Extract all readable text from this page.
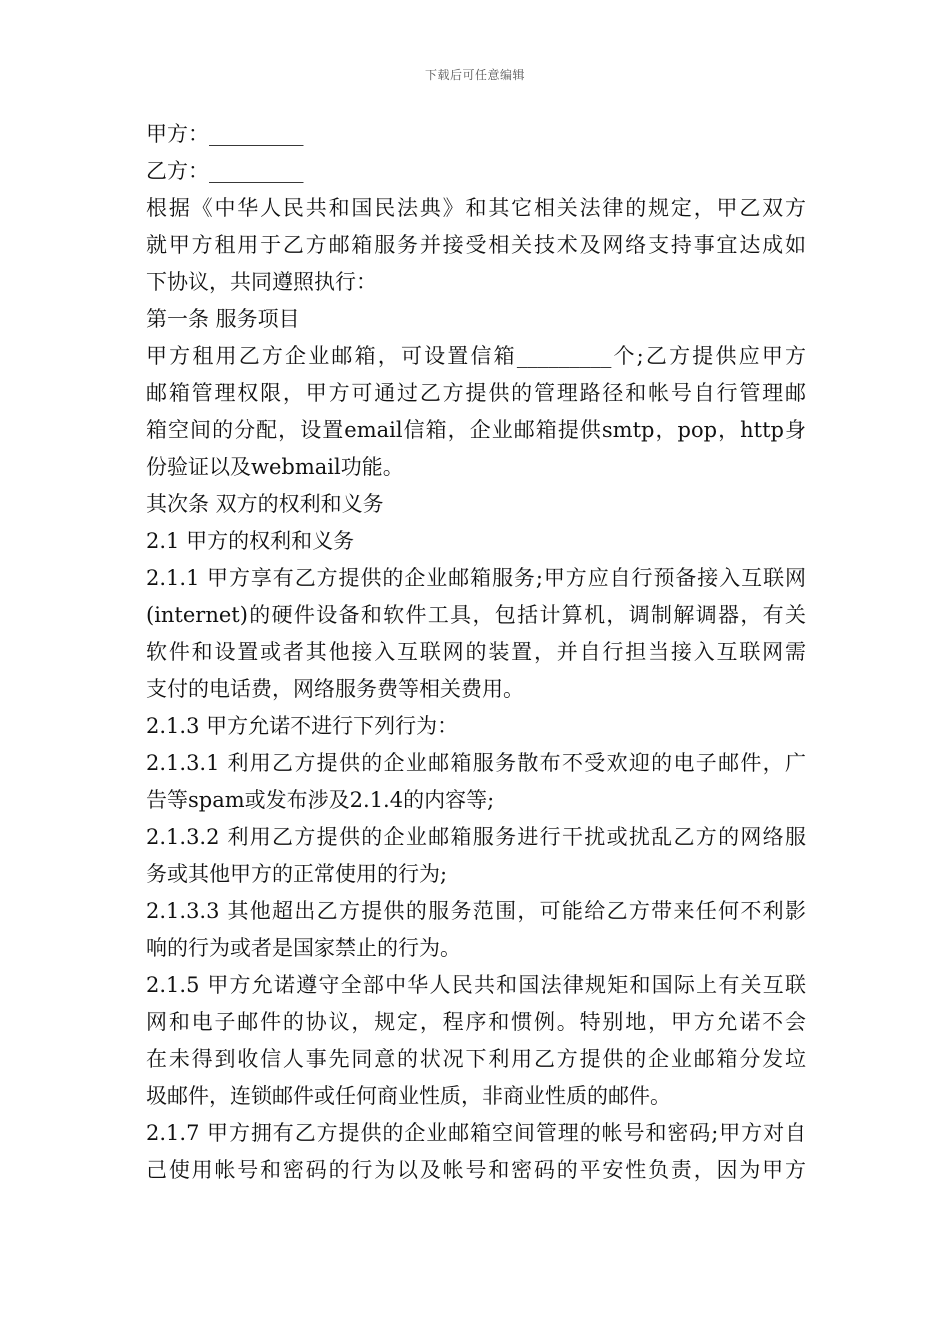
下载后可任意编辑
甲方：_________
乙方：_________
根据《中华人民共和国民法典》和其它相关法律的规定，甲乙双方
就甲方租用于乙方邮箱服务并接受相关技术及网络支持事宜达成如
下协议，共同遵照执行：
第一条 服务项目
甲方租用乙方企业邮箱，可设置信箱_________个;乙方提供应甲方
邮箱管理权限，甲方可通过乙方提供的管理路径和帐号自行管理邮
箱空间的分配，设置email信箱，企业邮箱提供smtp，pop，http身
份验证以及webmail功能。
其次条 双方的权利和义务
2.1 甲方的权利和义务
2.1.1 甲方享有乙方提供的企业邮箱服务;甲方应自行预备接入互联网
(internet)的硬件设备和软件工具，包括计算机，调制解调器，有关
软件和设置或者其他接入互联网的装置，并自行担当接入互联网需
支付的电话费，网络服务费等相关费用。
2.1.3 甲方允诺不进行下列行为：
2.1.3.1 利用乙方提供的企业邮箱服务散布不受欢迎的电子邮件，广
告等spam或发布涉及2.1.4的内容等;
2.1.3.2 利用乙方提供的企业邮箱服务进行干扰或扰乱乙方的网络服
务或其他甲方的正常使用的行为;
2.1.3.3 其他超出乙方提供的服务范围，可能给乙方带来任何不利影
响的行为或者是国家禁止的行为。
2.1.5 甲方允诺遵守全部中华人民共和国法律规矩和国际上有关互联
网和电子邮件的协议，规定，程序和惯例。特别地，甲方允诺不会
在未得到收信人事先同意的状况下利用乙方提供的企业邮箱分发垃
圾邮件，连锁邮件或任何商业性质，非商业性质的邮件。
2.1.7 甲方拥有乙方提供的企业邮箱空间管理的帐号和密码;甲方对自
己使用帐号和密码的行为以及帐号和密码的平安性负责，因为甲方
